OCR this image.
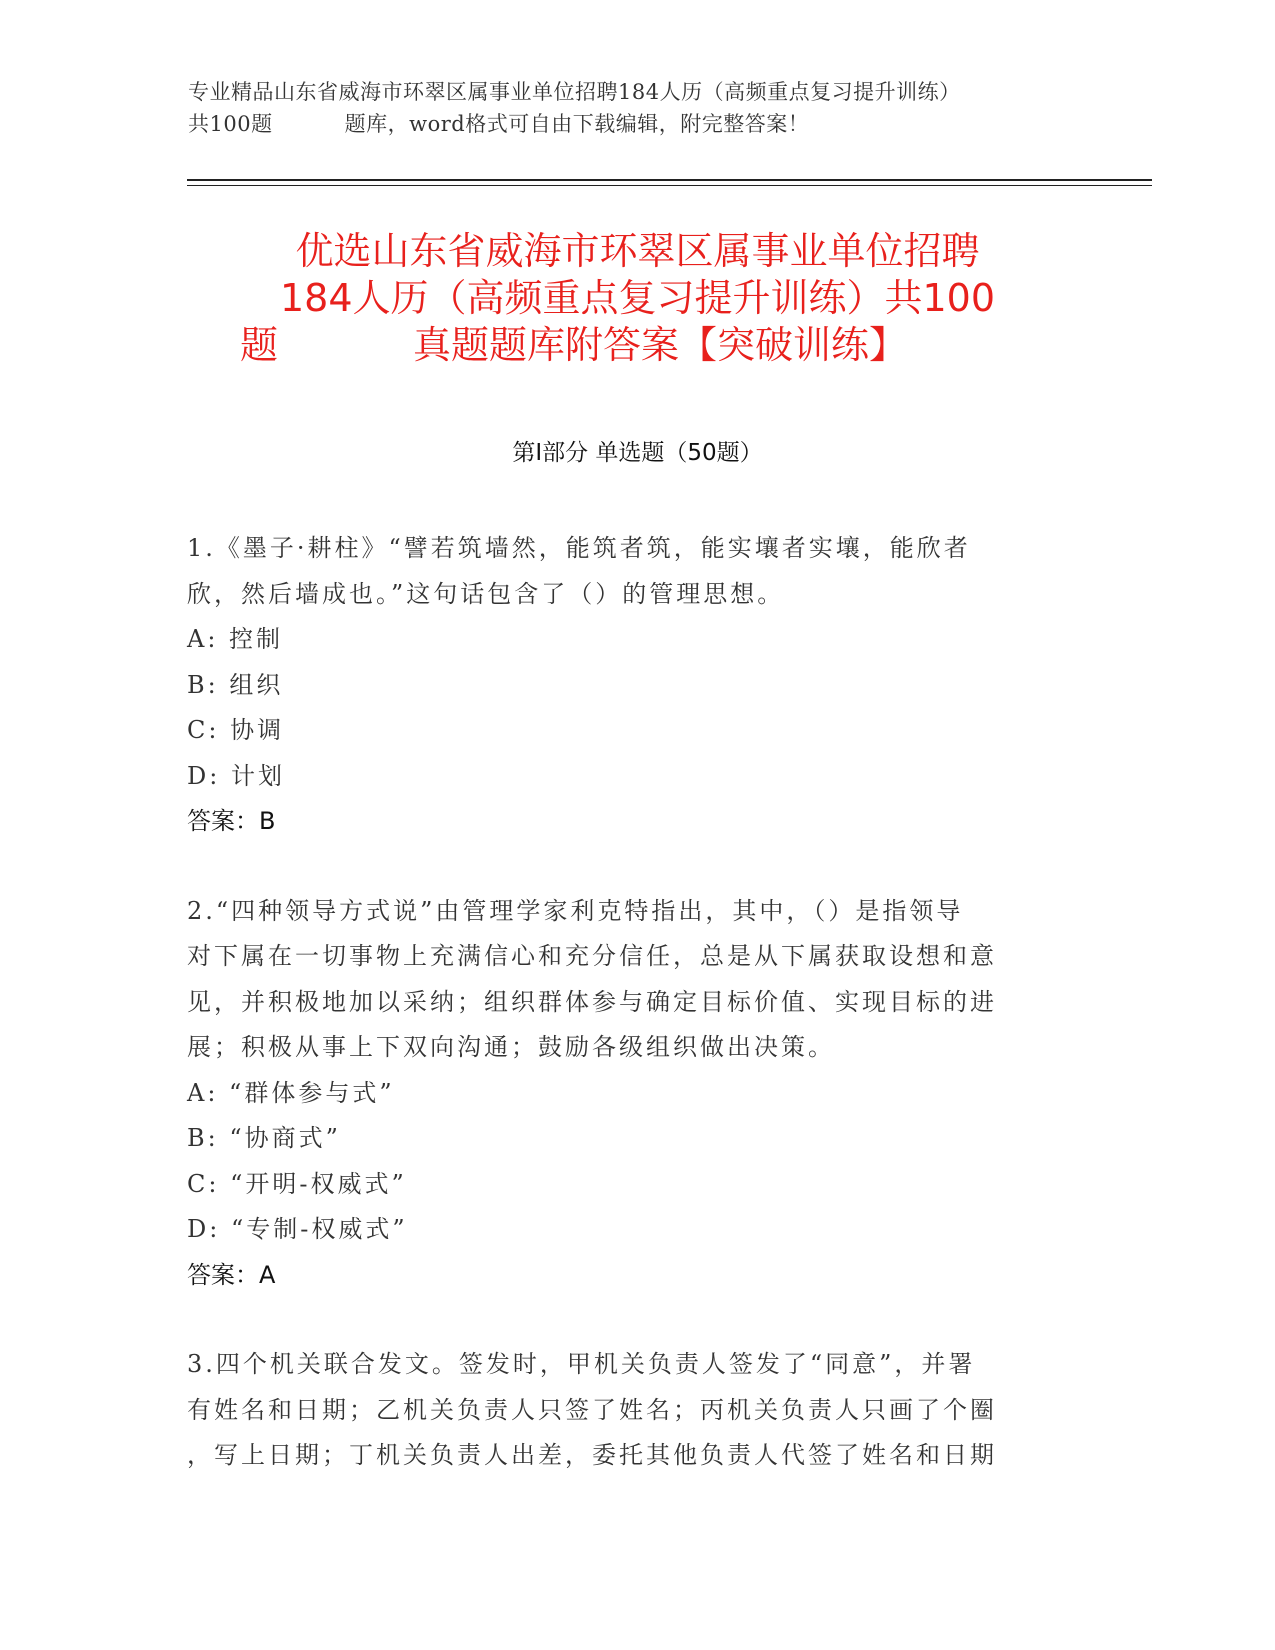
专业精品山东省威海市环翠区属事业单位招聘184人历（高频重点复习提升训练）
共100题	题库，word格式可自由下载编辑，附完整答案！
优选山东省威海市环翠区属事业单位招聘
184人历（高频重点复习提升训练）共100
题	真题题库附答案【突破训练】
第Ⅰ部分 单选题（50题）

1.《墨子·耕柱》“譬若筑墙然，能筑者筑，能实壤者实壤，能欣者
欣，然后墙成也。”这句话包含了（）的管理思想。

A: 控制
B: 组织
C: 协调
D: 计划
答案：B

2.“四种领导方式说”由管理学家利克特指出，其中，（）是指领导
对下属在一切事物上充满信心和充分信任，总是从下属获取设想和意
见，并积极地加以采纳；组织群体参与确定目标价值、实现目标的进
展；积极从事上下双向沟通；鼓励各级组织做出决策。

A: “群体参与式”
B: “协商式”
C: “开明-权威式”
D: “专制-权威式”
答案：A

3.四个机关联合发文。签发时，甲机关负责人签发了“同意”，并署
有姓名和日期；乙机关负责人只签了姓名；丙机关负责人只画了个圈
，写上日期；丁机关负责人出差，委托其他负责人代签了姓名和日期
